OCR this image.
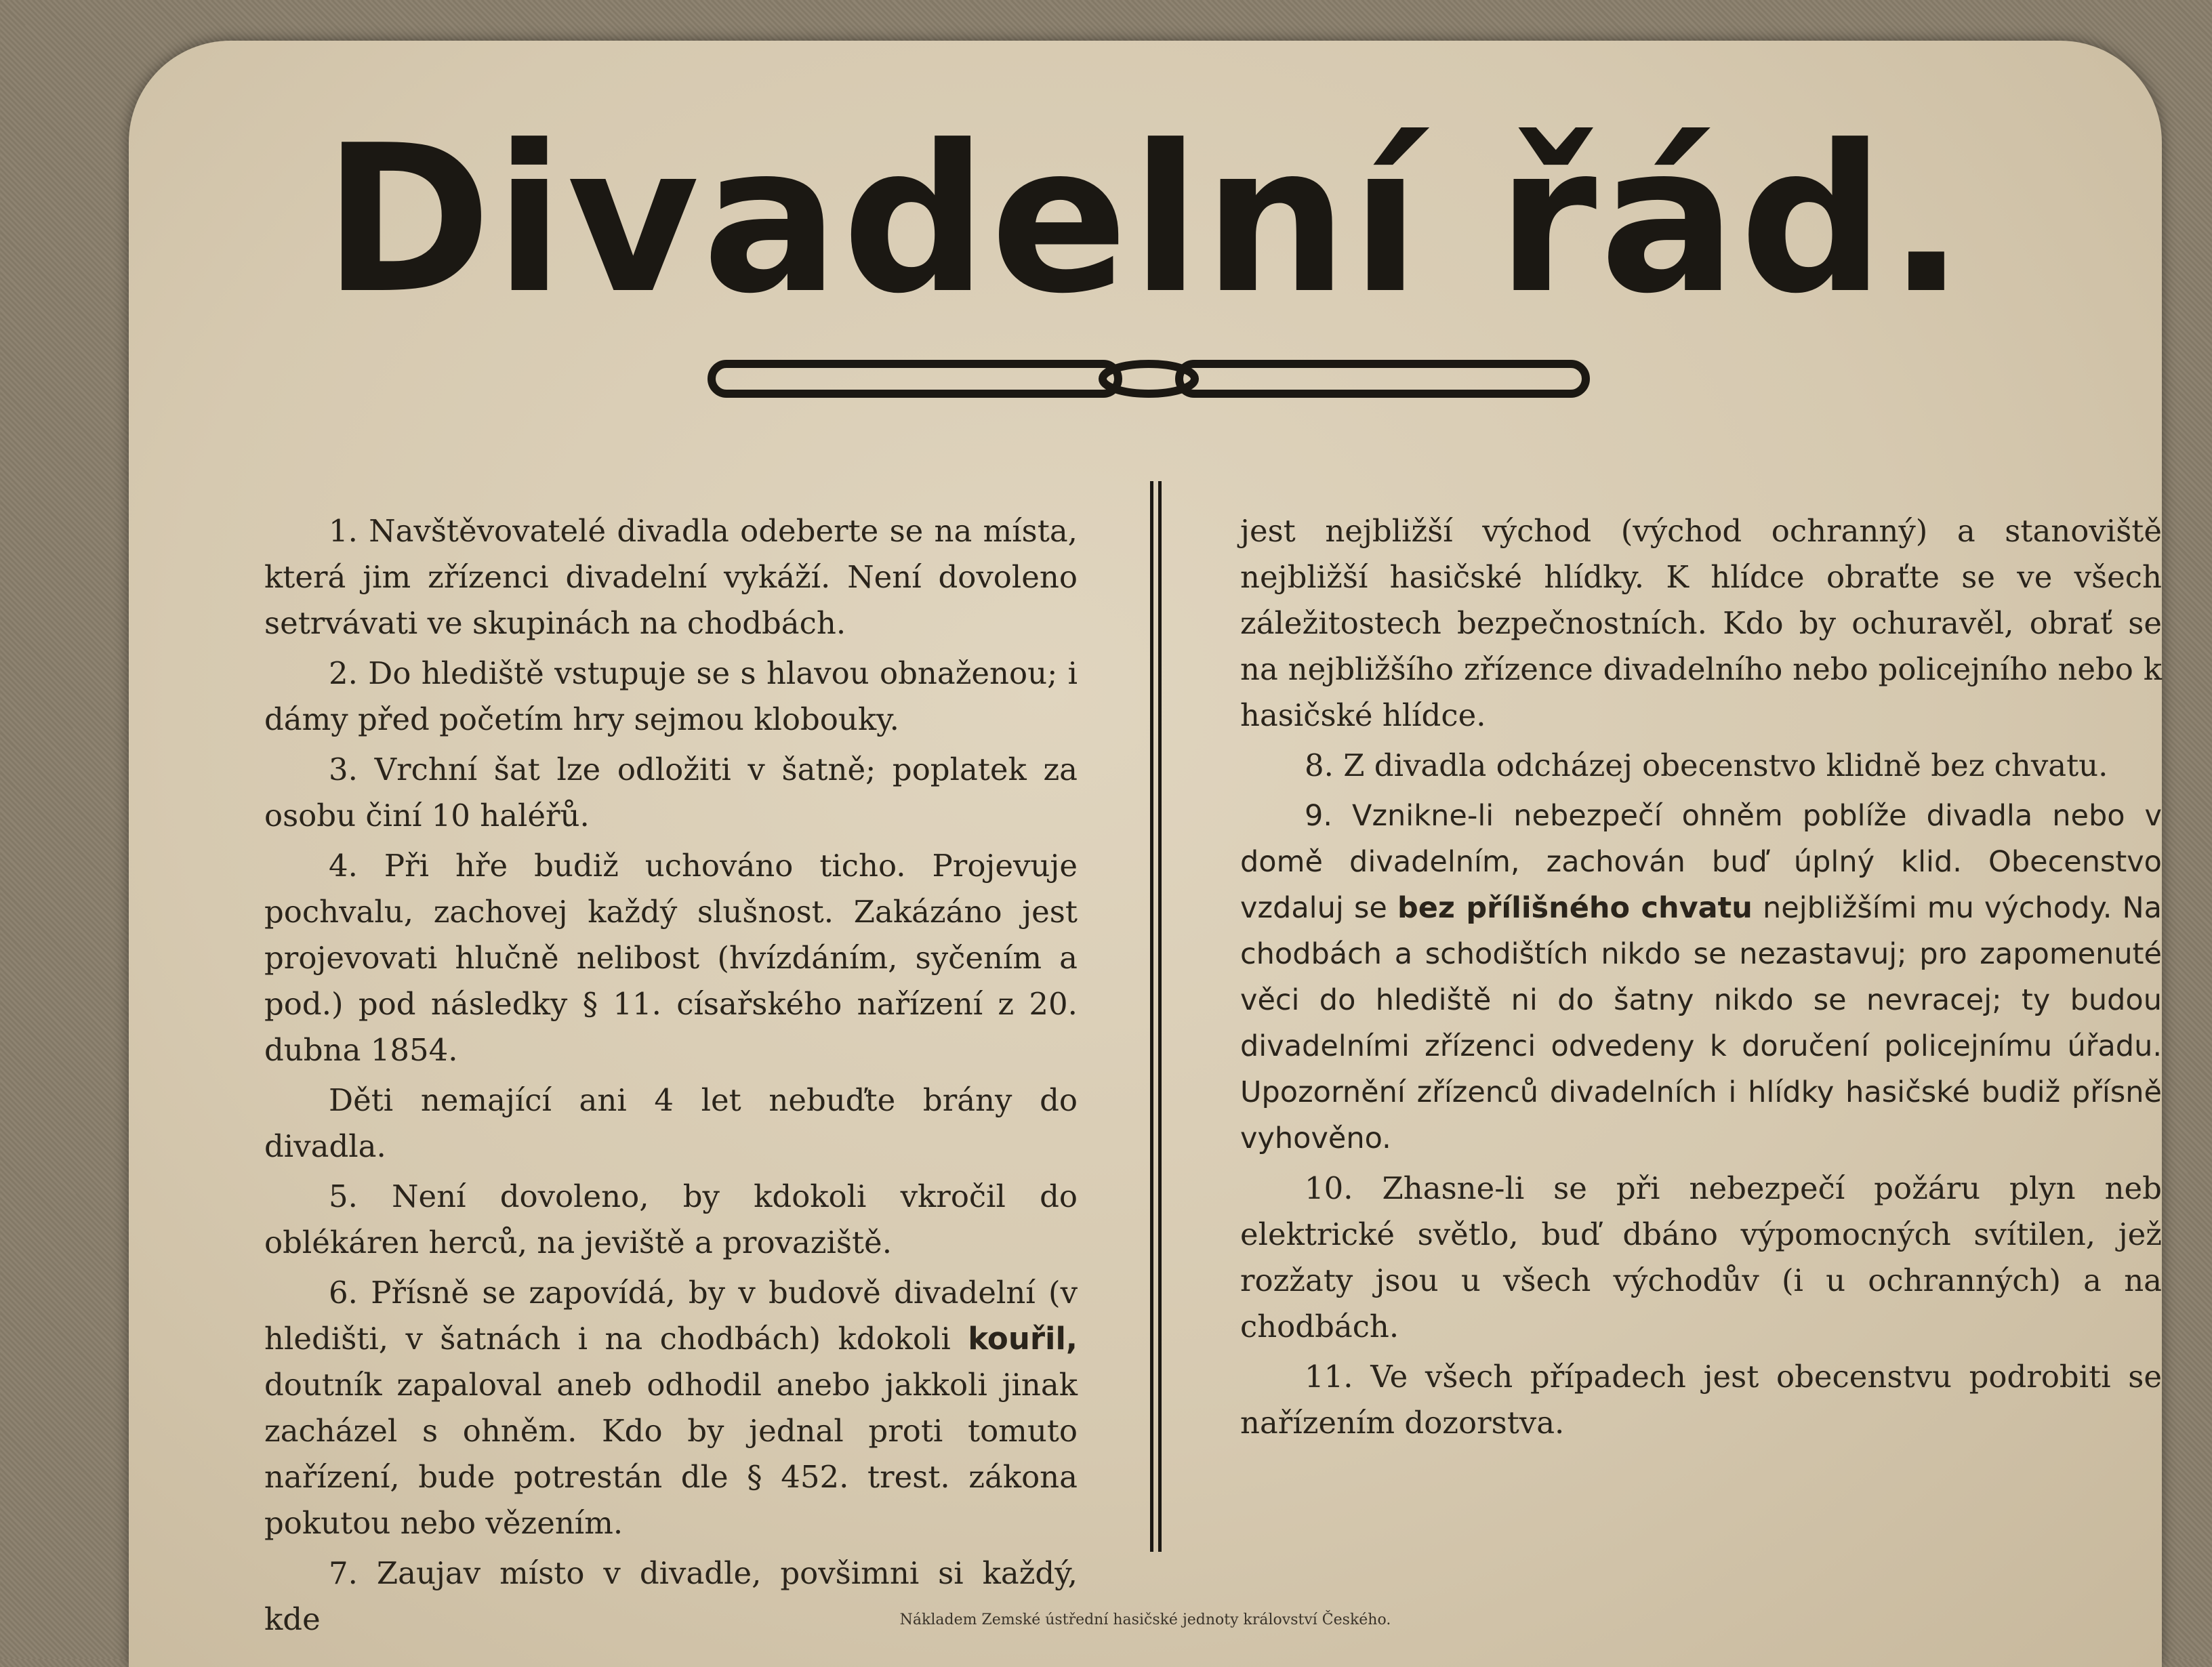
Divadelní řád.

1. Navštěvovatelé divadla odeberte se na místa, která jim zřízenci divadelní vykáží. Není dovoleno setrvávati ve skupinách na chodbách.

2. Do hlediště vstupuje se s hlavou obnaženou; i dámy před početím hry sejmou klobouky.

3. Vrchní šat lze odložiti v šatně; poplatek za osobu činí 10 haléřů.

4. Při hře budiž uchováno ticho. Projevuje pochvalu, zachovej každý slušnost. Zakázáno jest projevovati hlučně nelibost (hvízdáním, syčením a pod.) pod následky § 11. císařského nařízení z 20. dubna 1854.

Děti nemající ani 4 let nebuďte brány do divadla.

5. Není dovoleno, by kdokoli vkročil do oblékáren herců, na jeviště a provaziště.

6. Přísně se zapovídá, by v budově divadelní (v hledišti, v šatnách i na chodbách) kdokoli kouřil, doutník zapaloval aneb odhodil anebo jakkoli jinak zacházel s ohněm. Kdo by jednal proti tomuto nařízení, bude potrestán dle § 452. trest. zákona pokutou nebo vězením.

7. Zaujav místo v divadle, povšimni si každý, kde

jest nejbližší východ (východ ochranný) a stanoviště nejbližší hasičské hlídky. K hlídce obraťte se ve všech záležitostech bezpečnostních. Kdo by ochuravěl, obrať se na nejbližšího zřízence divadelního nebo policejního nebo k hasičské hlídce.

8. Z divadla odcházej obecenstvo klidně bez chvatu.

9. Vznikne-li nebezpečí ohněm poblíže divadla nebo v domě divadelním, zachován buď úplný klid. Obecenstvo vzdaluj se bez přílišného chvatu nejbližšími mu východy. Na chodbách a schodištích nikdo se nezastavuj; pro zapomenuté věci do hlediště ni do šatny nikdo se nevracej; ty budou divadelními zřízenci odvedeny k doručení policejnímu úřadu. Upozornění zřízenců divadelních i hlídky hasičské budiž přísně vyhověno.

10. Zhasne-li se při nebezpečí požáru plyn neb elektrické světlo, buď dbáno výpomocných svítilen, jež rozžaty jsou u všech východův (i u ochranných) a na chodbách.

11. Ve všech případech jest obecenstvu podrobiti se nařízením dozorstva.

Nákladem Zemské ústřední hasičské jednoty království Českého.
